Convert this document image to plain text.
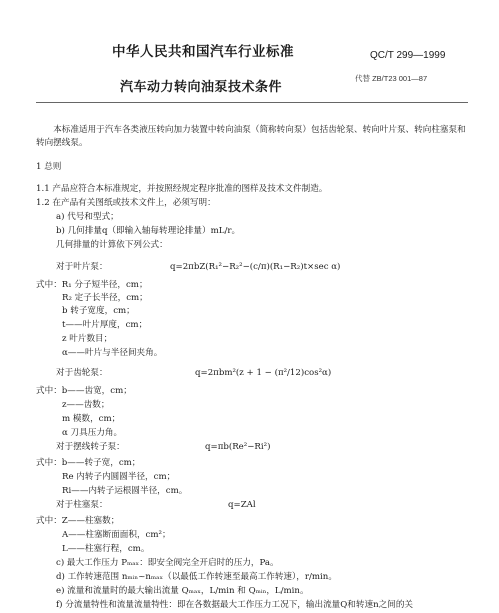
中华人民共和国汽车行业标准	QC/T 299—1999
汽车动力转向油泵技术条件
代替 ZB/T23 001—87
本标准适用于汽车各类液压转向加力装置中转向油泵（简称转向泵）包括齿轮泵、转向叶片泵、转向柱塞泵和转向摆线泵。
1 总则
1.1 产品应符合本标准规定，并按照经规定程序批准的图样及技术文件制造。
1.2 在产品有关图纸或技术文件上，必须写明：
a) 代号和型式；
b) 几何排量q（即输入轴每转理论排量）mL/r。
几何排量的计算依下列公式：
对于叶片泵：	q=2πbZ(R₁²−R₂²−(c/π)(R₁−R₂)t×sec α)
式中：R₁ 分子短半径，cm；
R₂ 定子长半径，cm；
b 转子宽度，cm；
t——叶片厚度，cm；
z 叶片数目；
α——叶片与半径间夹角。
对于齿轮泵：	q=2πbm²(z + 1 − (π²/12)cos²α)
式中：b——齿宽，cm；
z——齿数；
m 模数，cm；
α 刀具压力角。
对于摆线转子泵：	q=πb(Re²−Ri²)
式中：b——转子宽，cm；
Re 内转子内圆圆半径，cm；
Ri——内转子运根圆半径，cm。
对于柱塞泵：	q=ZAl
式中：Z——柱塞数；
A——柱塞断面面积，cm²；
L——柱塞行程，cm。
c) 最大工作压力 Pₘₐₓ：即安全阀完全开启时的压力，Pa。
d) 工作转速范围 nₘᵢₙ~nₘₐₓ（以最低工作转速至最高工作转速），r/min。
e) 流量和流量时的最大输出流量 Qₘₐₓ，L/min 和 Qₘᵢₙ，L/min。
f) 分流量特性和流量流量特性：即在各数据最大工作压力工况下，输出流量Q和转速n之间的关
